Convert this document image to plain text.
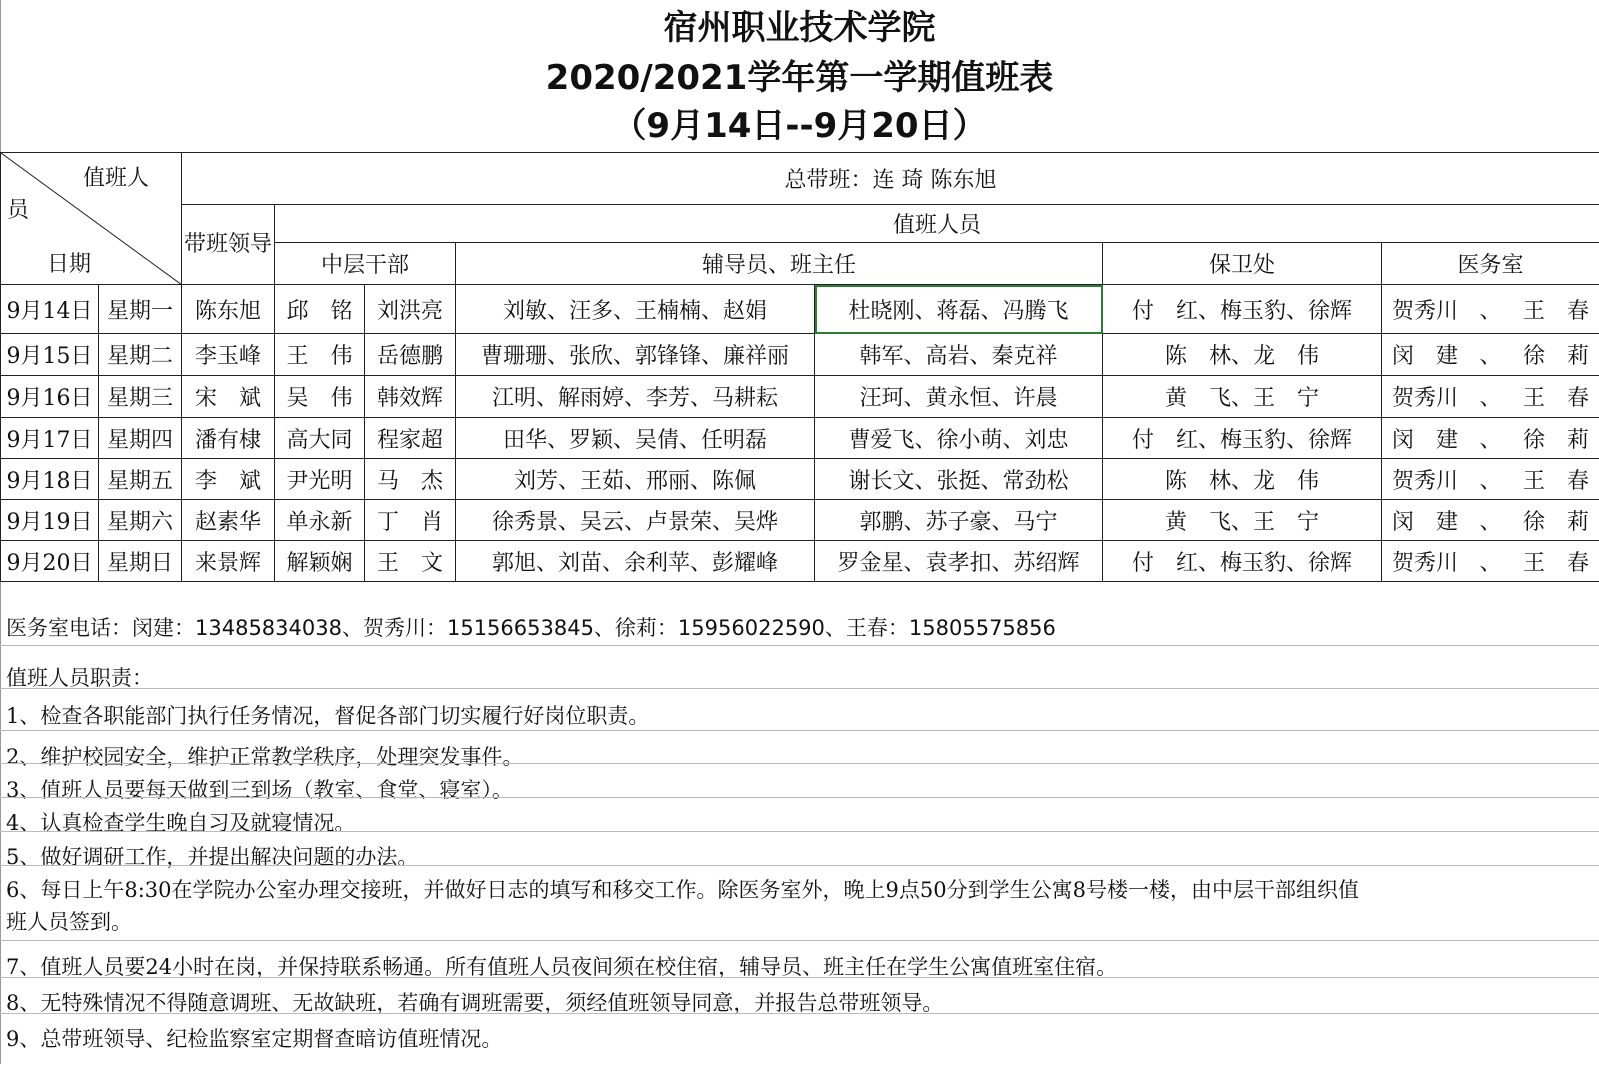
宿州职业技术学院
2020/2021学年第一学期值班表
（9月14日--9月20日）
值班人
员
日期		总带班：连 琦 陈东旭						
		带班领导	值班人员					
			中层干部		辅导员、班主任		保卫处	医务室
9月14日	星期一	陈东旭	邱　铭	刘洪亮	刘敏、汪多、王楠楠、赵娟	杜晓刚、蒋磊、冯腾飞	付　红、梅玉豹、徐辉	贺秀川 、 王　春

9月15日	星期二	李玉峰	王　伟	岳德鹏	曹珊珊、张欣、郭锋锋、廉祥丽	韩军、高岩、秦克祥	陈　林、龙　伟	闵　建 、 徐　莉

9月16日	星期三	宋　斌	吴　伟	韩效辉	江明、解雨婷、李芳、马耕耘	汪珂、黄永恒、许晨	黄　飞、王　宁	贺秀川 、 王　春

9月17日	星期四	潘有棣	高大同	程家超	田华、罗颖、吴倩、任明磊	曹爱飞、徐小萌、刘忠	付　红、梅玉豹、徐辉	闵　建 、 徐　莉

9月18日	星期五	李　斌	尹光明	马　杰	刘芳、王茹、邢丽、陈佩	谢长文、张挺、常劲松	陈　林、龙　伟	贺秀川 、 王　春

9月19日	星期六	赵素华	单永新	丁　肖	徐秀景、吴云、卢景荣、吴烨	郭鹏、苏子豪、马宁	黄　飞、王　宁	闵　建 、 徐　莉

9月20日	星期日	来景辉	解颖娴	王　文	郭旭、刘苗、余利苹、彭耀峰	罗金星、袁孝扣、苏绍辉	付　红、梅玉豹、徐辉	贺秀川 、 王　春
医务室电话：闵建：13485834038、贺秀川：15156653845、徐莉：15956022590、王春：15805575856
值班人员职责：
1、检查各职能部门执行任务情况，督促各部门切实履行好岗位职责。
2、维护校园安全，维护正常教学秩序，处理突发事件。
3、值班人员要每天做到三到场（教室、食堂、寝室）。
4、认真检查学生晚自习及就寝情况。
5、做好调研工作，并提出解决问题的办法。
6、每日上午8:30在学院办公室办理交接班，并做好日志的填写和移交工作。除医务室外，晚上9点50分到学生公寓8号楼一楼，由中层干部组织值
班人员签到。
7、值班人员要24小时在岗，并保持联系畅通。所有值班人员夜间须在校住宿，辅导员、班主任在学生公寓值班室住宿。
8、无特殊情况不得随意调班、无故缺班，若确有调班需要，须经值班领导同意，并报告总带班领导。
9、总带班领导、纪检监察室定期督查暗访值班情况。
